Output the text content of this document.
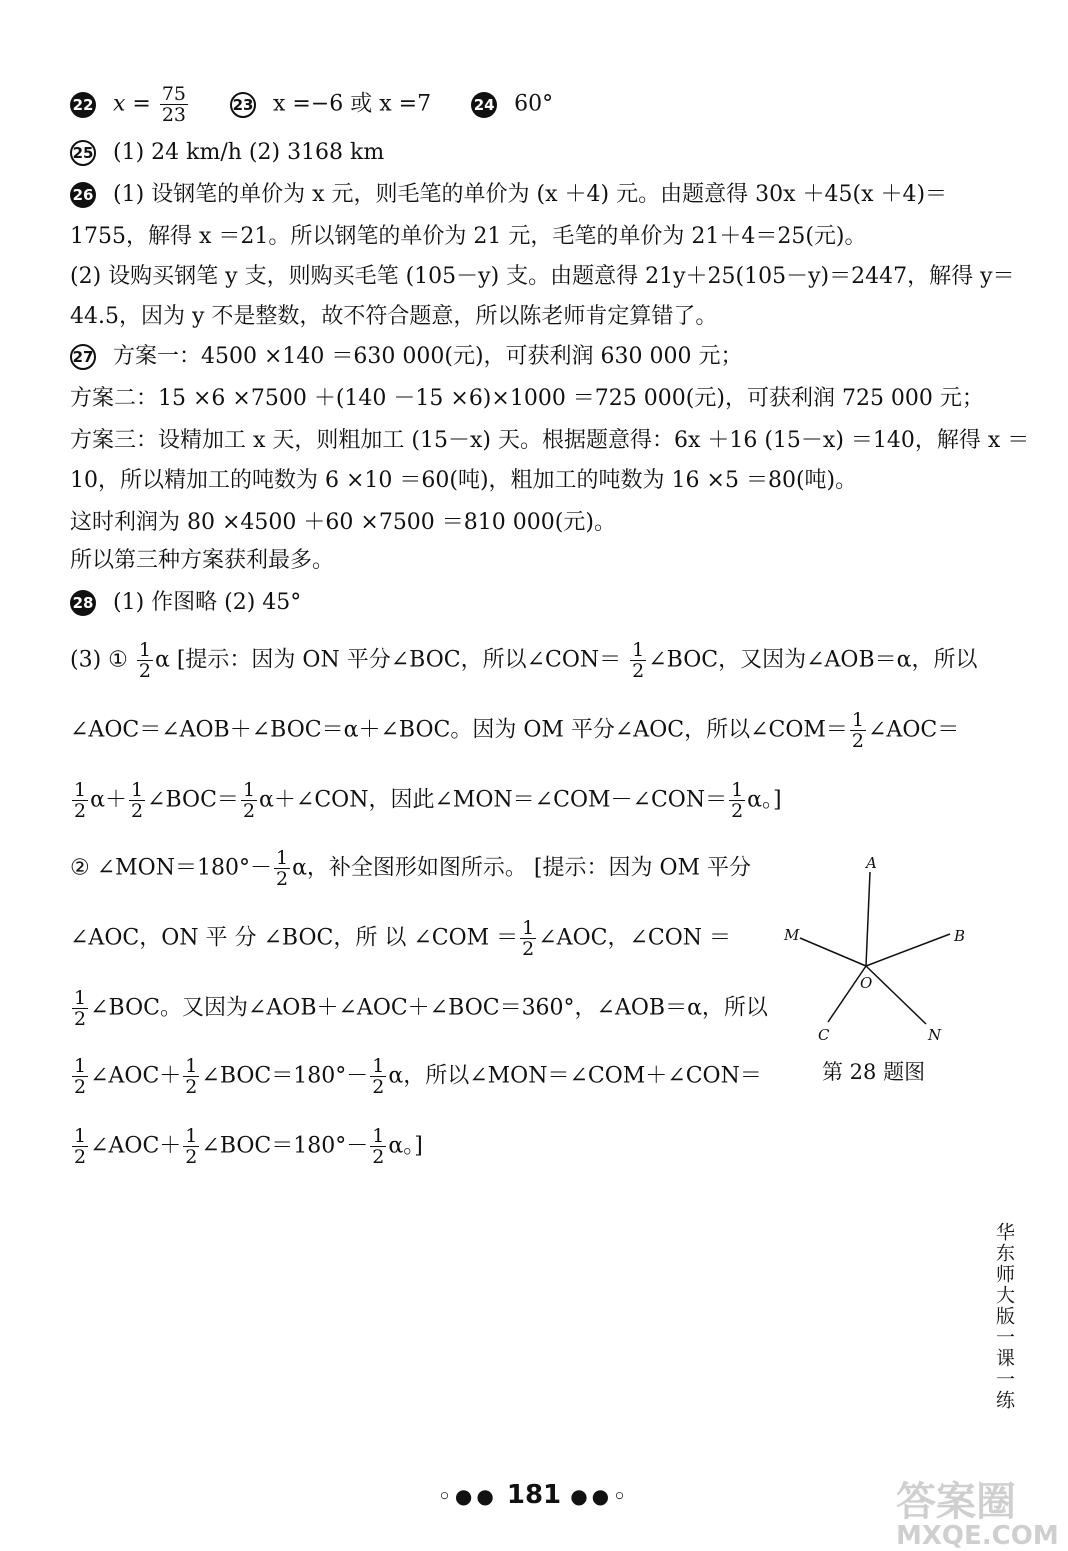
22 $x = \frac{75}{23}$	23 x =−6 或 x =7	24 60°
25 (1) 24 km/h (2) 3168 km
26 (1) 设钢笔的单价为 x 元，则毛笔的单价为 (x ＋4) 元。由题意得 30x ＋45(x ＋4)＝
1755，解得 x ＝21。所以钢笔的单价为 21 元，毛笔的单价为 21＋4＝25(元)。
(2) 设购买钢笔 y 支，则购买毛笔 (105－y) 支。由题意得 21y＋25(105－y)＝2447，解得 y＝
44.5，因为 y 不是整数，故不符合题意，所以陈老师肯定算错了。
27 方案一：4500 ×140 ＝630 000(元)，可获利润 630 000 元；
方案二：15 ×6 ×7500 ＋(140 －15 ×6)×1000 ＝725 000(元)，可获利润 725 000 元；
方案三：设精加工 x 天，则粗加工 (15－x) 天。根据题意得：6x ＋16 (15－x) ＝140，解得 x ＝
10，所以精加工的吨数为 6 ×10 ＝60(吨)，粗加工的吨数为 16 ×5 ＝80(吨)。
这时利润为 80 ×4500 ＋60 ×7500 ＝810 000(元)。
所以第三种方案获利最多。
28 (1) 作图略 (2) 45°
(3) ① $\frac{1}{2}$ α [提示：因为 ON 平分∠BOC，所以∠CON＝ $\frac{1}{2}$ ∠BOC，又因为∠AOB＝α，所以
∠AOC＝∠AOB＋∠BOC＝α＋∠BOC。因为 OM 平分∠AOC，所以∠COM＝ $\frac{1}{2}$ ∠AOC＝
$\frac{1}{2} \alpha+ \frac{1}{2}$ ∠BOC＝ $\frac{1}{2}$ α＋∠CON，因此∠MON＝∠COM－∠CON＝ $\frac{1}{2}$ α。]
② ∠MON＝180°－ $\frac{1}{2}$ α，补全图形如图所示。 [提示：因为 OM 平分
∠AOC，ON 平 分 ∠BOC，所 以 ∠COM ＝ $\frac{1}{2}$ ∠AOC，∠CON ＝
$\frac{1}{2}$ ∠BOC。又因为∠AOB＋∠AOC＋∠BOC＝360°，∠AOB＝α，所以
$\frac{1}{2}$ ∠AOC＋ $\frac{1}{2}$ ∠BOC＝180°－ $\frac{1}{2}$ α，所以∠MON＝∠COM＋∠CON＝
$\frac{1}{2}$ ∠AOC＋ $\frac{1}{2}$ ∠BOC＝180°－ $\frac{1}{2}$ α。]
A
B
M
O
C	N
第 28 题图
华东师大版一课一练
◦●● 181 ●●◦	答案圈
MXQE.COM
